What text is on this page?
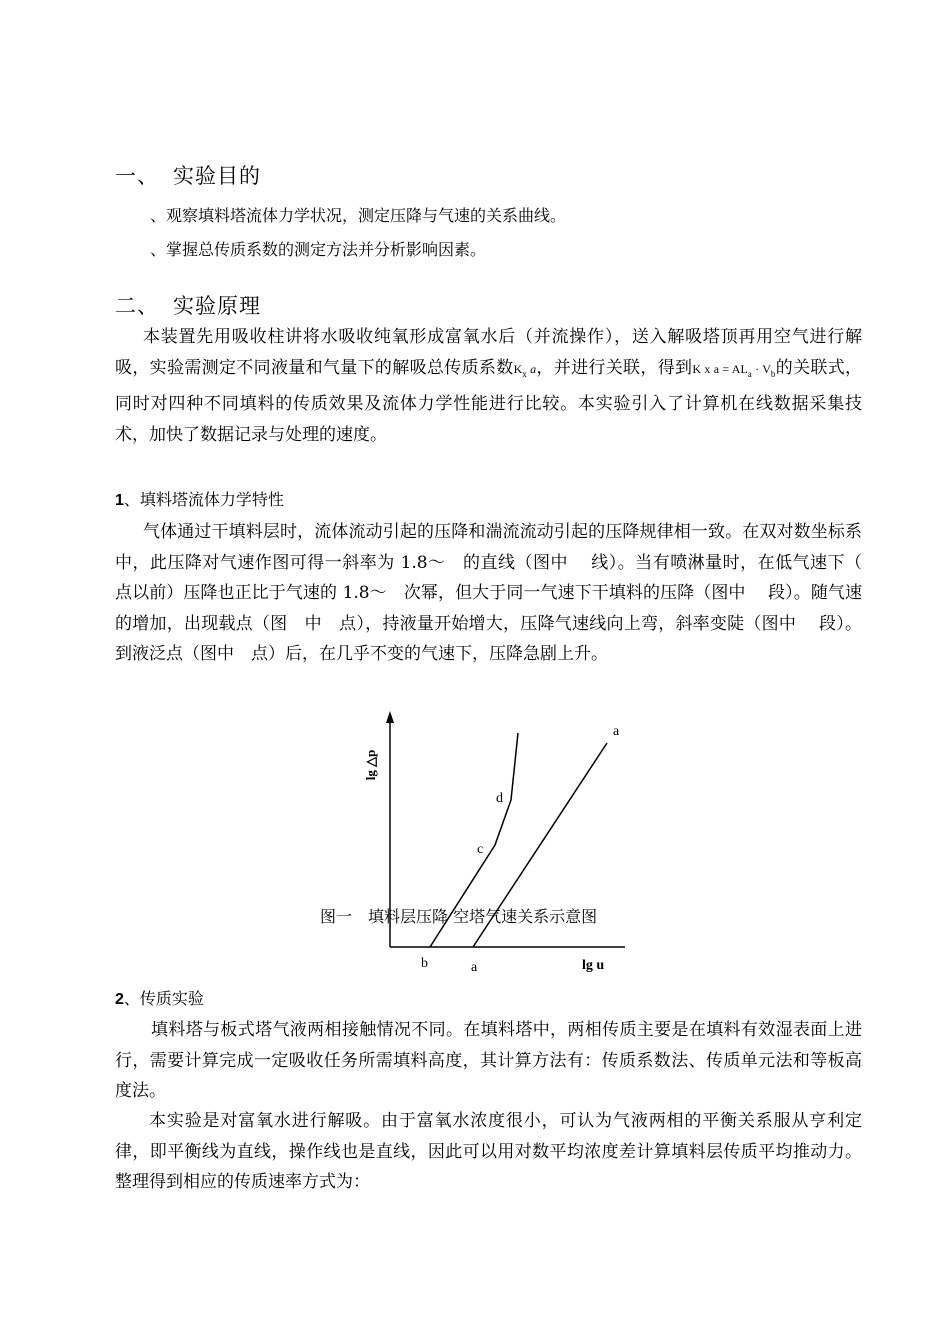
一、 实验目的
、观察填料塔流体力学状况，测定压降与气速的关系曲线。
、掌握总传质系数的测定方法并分析影响因素。
二、 实验原理
本装置先用吸收柱讲将水吸收纯氧形成富氧水后（并流操作），送入解吸塔顶再用空气进行解吸，实验需测定不同液量和气量下的解吸总传质系数$K_x$ a，并进行关联，得到K x $a = AL_a \cdot V_b$的关联式，同时对四种不同填料的传质效果及流体力学性能进行比较。本实验引入了计算机在线数据采集技术，加快了数据记录与处理的速度。
1、填料塔流体力学特性
气体通过干填料层时，流体流动引起的压降和湍流流动引起的压降规律相一致。在双对数坐标系中，此压降对气速作图可得一斜率为 1.8～　的直线（图中　 线）。当有喷淋量时，在低气速下（　点以前）压降也正比于气速的 1.8～　次幂，但大于同一气速下干填料的压降（图中　 段）。随气速的增加，出现载点（图　中　点），持液量开始增大，压降气速线向上弯，斜率变陡（图中　 段）。到液泛点（图中　点）后，在几乎不变的气速下，压降急剧上升。
lg △p
lg u
a
d
c
b	a
图一　填料层压降 空塔气速关系示意图
2、传质实验
填料塔与板式塔气液两相接触情况不同。在填料塔中，两相传质主要是在填料有效湿表面上进行，需要计算完成一定吸收任务所需填料高度，其计算方法有：传质系数法、传质单元法和等板高度法。
本实验是对富氧水进行解吸。由于富氧水浓度很小，可认为气液两相的平衡关系服从亨利定律，即平衡线为直线，操作线也是直线，因此可以用对数平均浓度差计算填料层传质平均推动力。整理得到相应的传质速率方式为：
